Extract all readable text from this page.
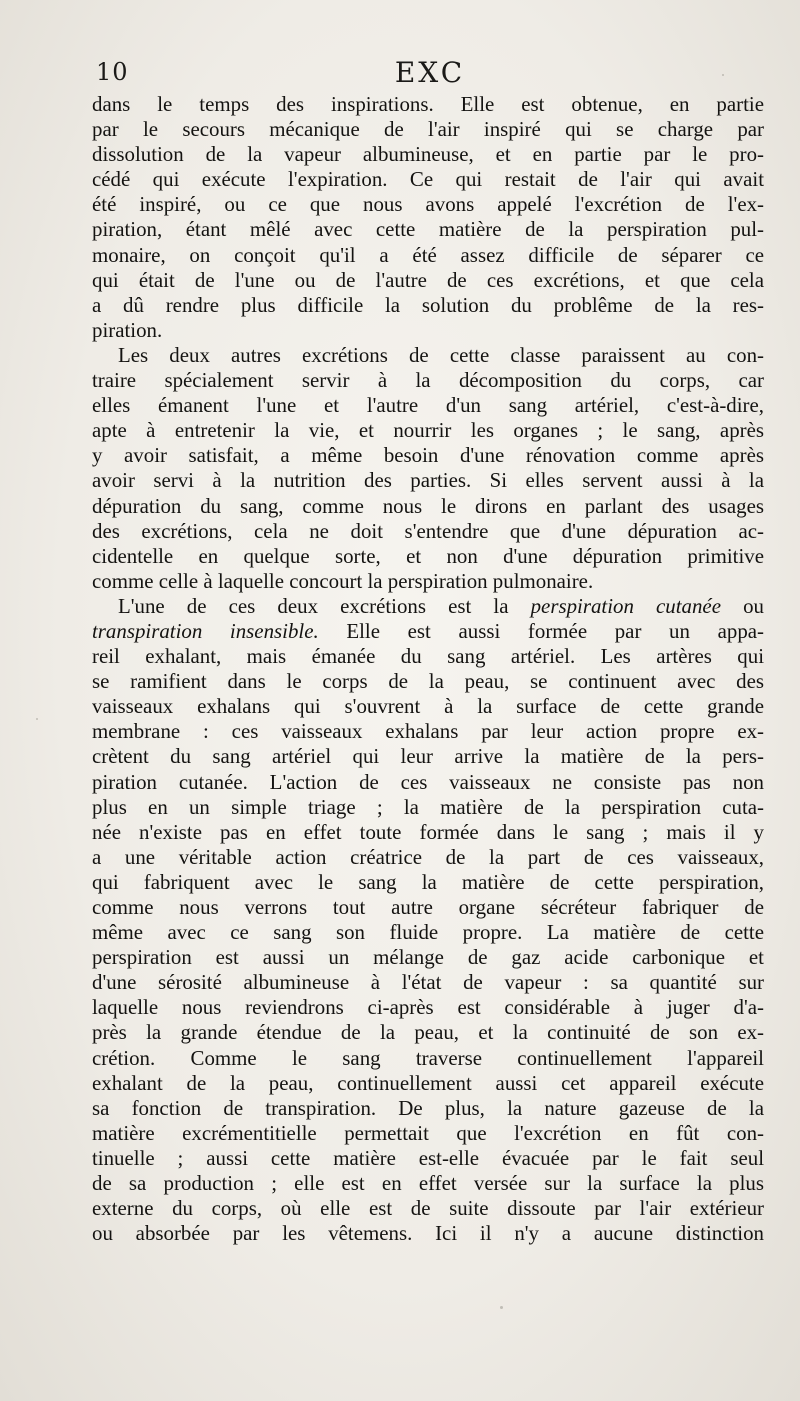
10	EXC
dans le temps des inspirations. Elle est obtenue, en partie
par le secours mécanique de l'air inspiré qui se charge par
dissolution de la vapeur albumineuse, et en partie par le pro-
cédé qui exécute l'expiration. Ce qui restait de l'air qui avait
été inspiré, ou ce que nous avons appelé l'excrétion de l'ex-
piration, étant mêlé avec cette matière de la perspiration pul-
monaire, on conçoit qu'il a été assez difficile de séparer ce
qui était de l'une ou de l'autre de ces excrétions, et que cela
a dû rendre plus difficile la solution du problême de la res-
piration.
Les deux autres excrétions de cette classe paraissent au con-
traire spécialement servir à la décomposition du corps, car
elles émanent l'une et l'autre d'un sang artériel, c'est-à-dire,
apte à entretenir la vie, et nourrir les organes ; le sang, après
y avoir satisfait, a même besoin d'une rénovation comme après
avoir servi à la nutrition des parties. Si elles servent aussi à la
dépuration du sang, comme nous le dirons en parlant des usages
des excrétions, cela ne doit s'entendre que d'une dépuration ac-
cidentelle en quelque sorte, et non d'une dépuration primitive
comme celle à laquelle concourt la perspiration pulmonaire.
L'une de ces deux excrétions est la perspiration cutanée ou
transpiration insensible. Elle est aussi formée par un appa-
reil exhalant, mais émanée du sang artériel. Les artères qui
se ramifient dans le corps de la peau, se continuent avec des
vaisseaux exhalans qui s'ouvrent à la surface de cette grande
membrane : ces vaisseaux exhalans par leur action propre ex-
crètent du sang artériel qui leur arrive la matière de la pers-
piration cutanée. L'action de ces vaisseaux ne consiste pas non
plus en un simple triage ; la matière de la perspiration cuta-
née n'existe pas en effet toute formée dans le sang ; mais il y
a une véritable action créatrice de la part de ces vaisseaux,
qui fabriquent avec le sang la matière de cette perspiration,
comme nous verrons tout autre organe sécréteur fabriquer de
même avec ce sang son fluide propre. La matière de cette
perspiration est aussi un mélange de gaz acide carbonique et
d'une sérosité albumineuse à l'état de vapeur : sa quantité sur
laquelle nous reviendrons ci-après est considérable à juger d'a-
près la grande étendue de la peau, et la continuité de son ex-
crétion. Comme le sang traverse continuellement l'appareil
exhalant de la peau, continuellement aussi cet appareil exécute
sa fonction de transpiration. De plus, la nature gazeuse de la
matière excrémentitielle permettait que l'excrétion en fût con-
tinuelle ; aussi cette matière est-elle évacuée par le fait seul
de sa production ; elle est en effet versée sur la surface la plus
externe du corps, où elle est de suite dissoute par l'air extérieur
ou absorbée par les vêtemens. Ici il n'y a aucune distinction
